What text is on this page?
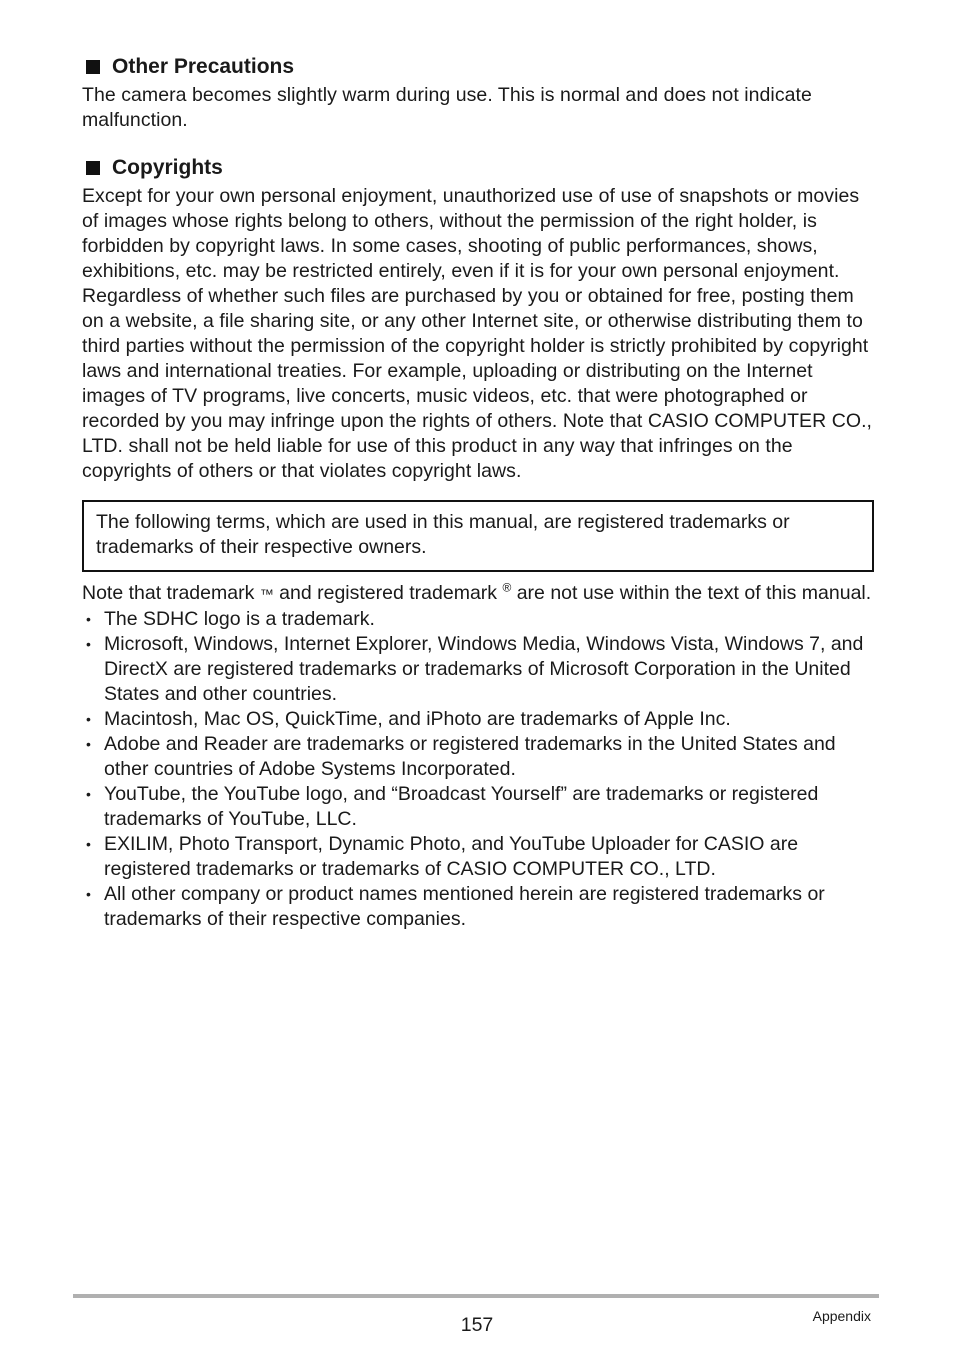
Other Precautions

The camera becomes slightly warm during use. This is normal and does not indicate malfunction.

Copyrights

Except for your own personal enjoyment, unauthorized use of use of snapshots or movies of images whose rights belong to others, without the permission of the right holder, is forbidden by copyright laws. In some cases, shooting of public performances, shows, exhibitions, etc. may be restricted entirely, even if it is for your own personal enjoyment. Regardless of whether such files are purchased by you or obtained for free, posting them on a website, a file sharing site, or any other Internet site, or otherwise distributing them to third parties without the permission of the copyright holder is strictly prohibited by copyright laws and international treaties. For example, uploading or distributing on the Internet images of TV programs, live concerts, music videos, etc. that were photographed or recorded by you may infringe upon the rights of others. Note that CASIO COMPUTER CO., LTD. shall not be held liable for use of this product in any way that infringes on the copyrights of others or that violates copyright laws.

The following terms, which are used in this manual, are registered trademarks or trademarks of their respective owners.

Note that trademark ™ and registered trademark ® are not use within the text of this manual.

• The SDHC logo is a trademark.
• Microsoft, Windows, Internet Explorer, Windows Media, Windows Vista, Windows 7, and DirectX are registered trademarks or trademarks of Microsoft Corporation in the United States and other countries.
• Macintosh, Mac OS, QuickTime, and iPhoto are trademarks of Apple Inc.
• Adobe and Reader are trademarks or registered trademarks in the United States and other countries of Adobe Systems Incorporated.
• YouTube, the YouTube logo, and “Broadcast Yourself” are trademarks or registered trademarks of YouTube, LLC.
• EXILIM, Photo Transport, Dynamic Photo, and YouTube Uploader for CASIO are registered trademarks or trademarks of CASIO COMPUTER CO., LTD.
• All other company or product names mentioned herein are registered trademarks or trademarks of their respective companies.
157	Appendix
